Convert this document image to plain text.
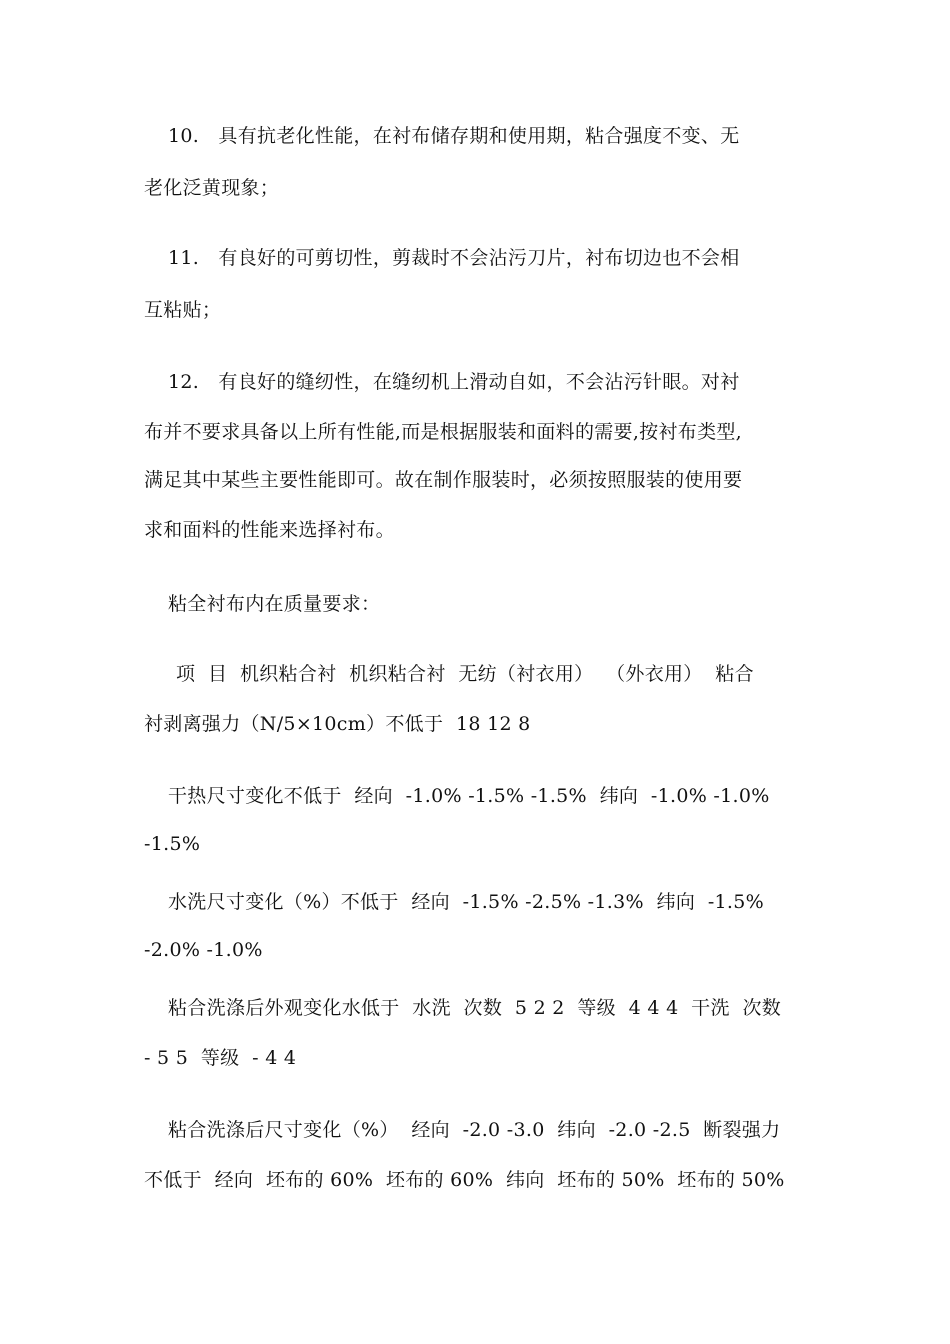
10.　具有抗老化性能，在衬布储存期和使用期，粘合强度不变、无
老化泛黄现象；
11.　有良好的可剪切性，剪裁时不会沾污刀片，衬布切边也不会相
互粘贴；
12.　有良好的缝纫性，在缝纫机上滑动自如，不会沾污针眼。对衬
布并不要求具备以上所有性能,而是根据服装和面料的需要,按衬布类型,
满足其中某些主要性能即可。故在制作服装时，必须按照服装的使用要
求和面料的性能来选择衬布。
粘全衬布内在质量要求：
项  目  机织粘合衬  机织粘合衬  无纺（衬衣用）  （外衣用）  粘合
衬剥离强力（N/5×10cm）不低于  18 12 8
干热尺寸变化不低于  经向  -1.0% -1.5% -1.5%  纬向  -1.0% -1.0%
-1.5%
水洗尺寸变化（%）不低于  经向  -1.5% -2.5% -1.3%  纬向  -1.5%
-2.0% -1.0%
粘合洗涤后外观变化水低于  水洗  次数  5 2 2  等级  4 4 4  干洗  次数
- 5 5  等级  - 4 4
粘合洗涤后尺寸变化（%）  经向  -2.0 -3.0  纬向  -2.0 -2.5  断裂强力
不低于  经向  坯布的 60%  坯布的 60%  纬向  坯布的 50%  坯布的 50%
